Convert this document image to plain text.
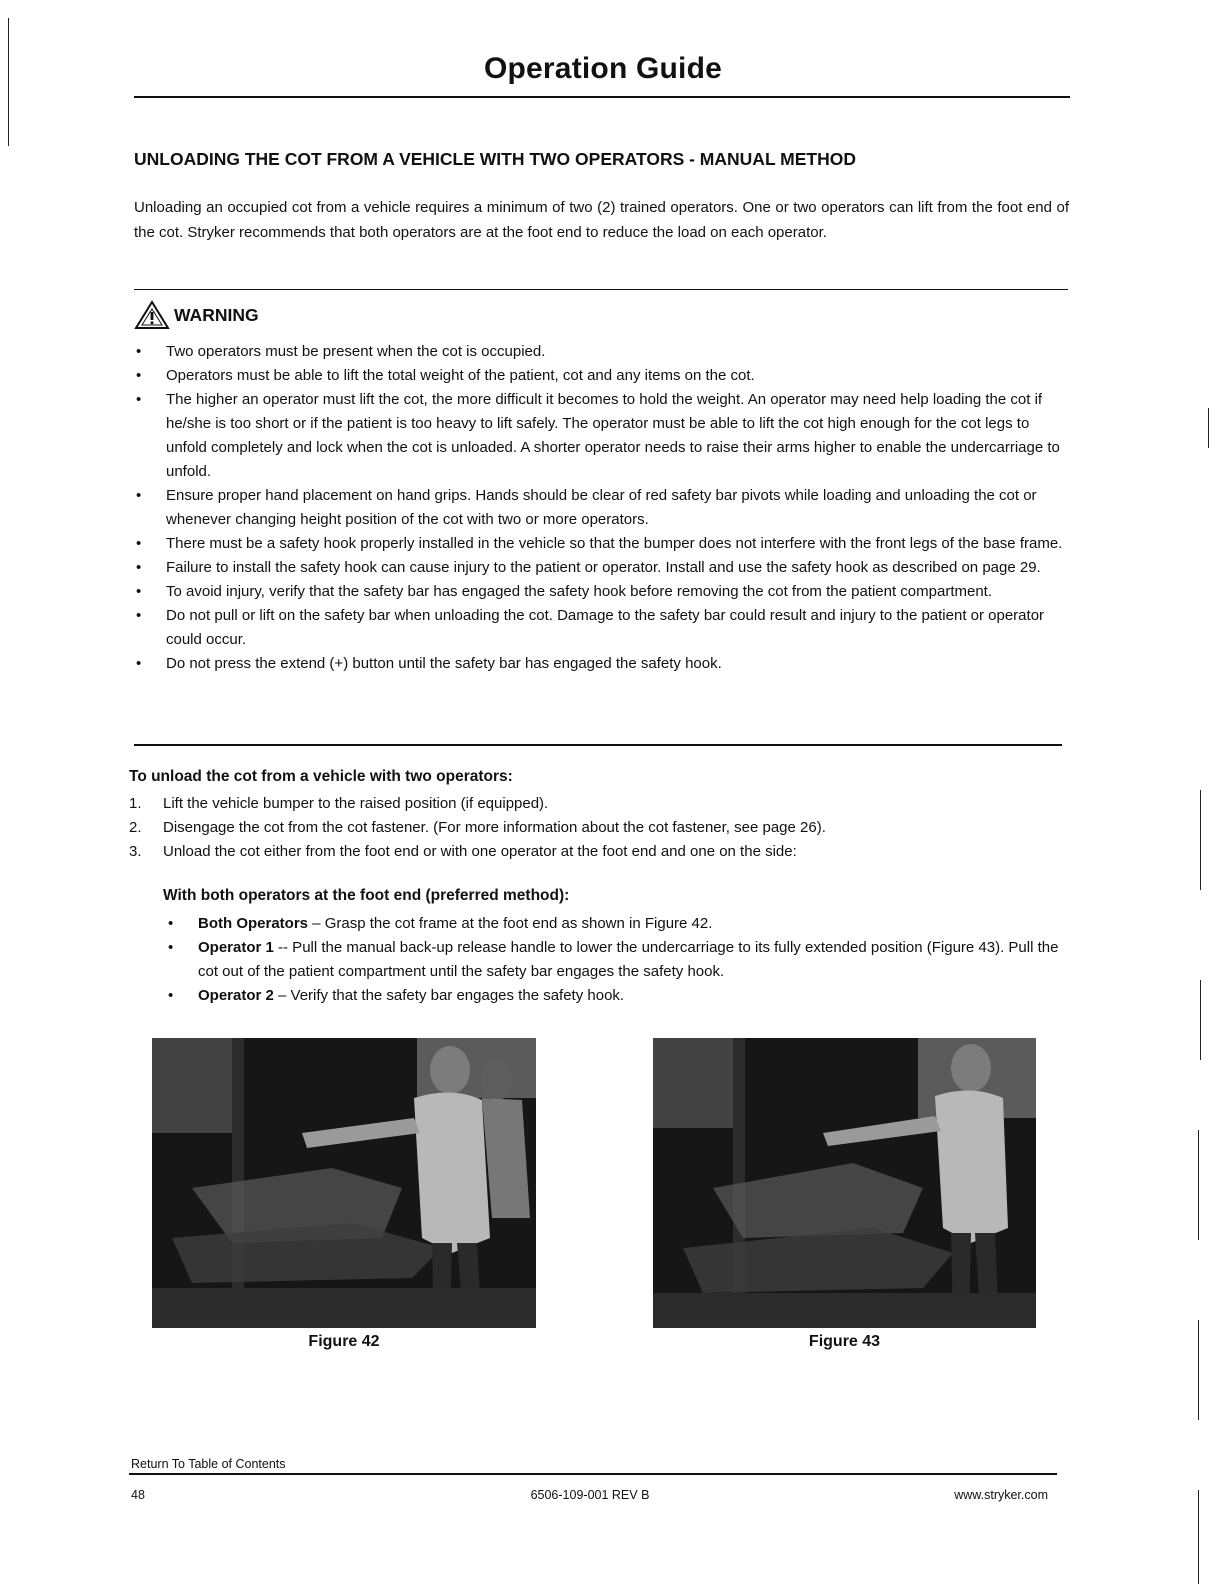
Operation Guide
UNLOADING THE COT FROM A VEHICLE WITH TWO OPERATORS - MANUAL METHOD
Unloading an occupied cot from a vehicle requires a minimum of two (2) trained operators. One or two operators can lift from the foot end of the cot. Stryker recommends that both operators are at the foot end to reduce the load on each operator.
WARNING
•	Two operators must be present when the cot is occupied.
•	Operators must be able to lift the total weight of the patient, cot and any items on the cot.
•	The higher an operator must lift the cot, the more difficult it becomes to hold the weight. An operator may need help loading the cot if he/she is too short or if the patient is too heavy to lift safely. The operator must be able to lift the cot high enough for the cot legs to unfold completely and lock when the cot is unloaded. A shorter operator needs to raise their arms higher to enable the undercarriage to unfold.
•	Ensure proper hand placement on hand grips. Hands should be clear of red safety bar pivots while loading and unloading the cot or whenever changing height position of the cot with two or more operators.
•	There must be a safety hook properly installed in the vehicle so that the bumper does not interfere with the front legs of the base frame.
•	Failure to install the safety hook can cause injury to the patient or operator. Install and use the safety hook as described on page 29.
•	To avoid injury, verify that the safety bar has engaged the safety hook before removing the cot from the patient compartment.
•	Do not pull or lift on the safety bar when unloading the cot. Damage to the safety bar could result and injury to the patient or operator could occur.
•	Do not press the extend (+) button until the safety bar has engaged the safety hook.
To unload the cot from a vehicle with two operators:
1. Lift the vehicle bumper to the raised position (if equipped).
2. Disengage the cot from the cot fastener. (For more information about the cot fastener, see page 26).
3. Unload the cot either from the foot end or with one operator at the foot end and one on the side:
With both operators at the foot end (preferred method):
• Both Operators – Grasp the cot frame at the foot end as shown in Figure 42.
• Operator 1 -- Pull the manual back-up release handle to lower the undercarriage to its fully extended position (Figure 43). Pull the cot out of the patient compartment until the safety bar engages the safety hook.
• Operator 2 – Verify that the safety bar engages the safety hook.
Figure 42	Figure 43
Return To Table of Contents
48	6506-109-001 REV B	www.stryker.com
